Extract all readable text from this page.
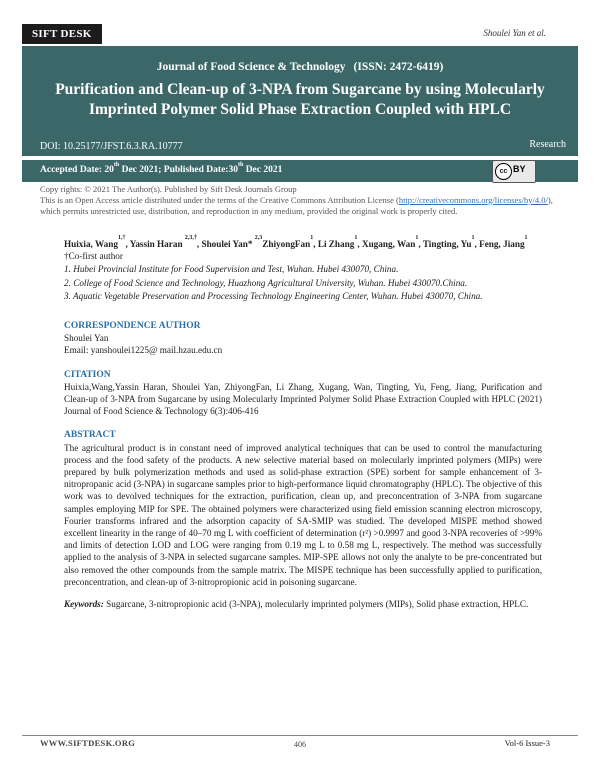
SIFT DESK	Shoulei Yan et al.
Journal of Food Science & Technology (ISSN: 2472-6419)
Purification and Clean-up of 3-NPA from Sugarcane by using Molecularly Imprinted Polymer Solid Phase Extraction Coupled with HPLC
DOI: 10.25177/JFST.6.3.RA.10777	Research
Accepted Date: 20th Dec 2021; Published Date:30th Dec 2021	cc BY
Copy rights: © 2021 The Author(s). Published by Sift Desk Journals Group
This is an Open Access article distributed under the terms of the Creative Commons Attribution License (http://creativecommons.org/licenses/by/4.0/), which permits unrestricted use, distribution, and reproduction in any medium, provided the original work is properly cited.
Huixia, Wang$^{1,\dagger}$, Yassin Haran $^{2,3,\dagger}$, Shoulei Yan* $^{2,3}$ZhiyongFan$^1$, Li Zhang$^1$, Xugang, Wan$^1$, Tingting, Yu$^1$, Feng, Jiang$^1$
†Co-first author
1. Hubei Provincial Institute for Food Supervision and Test, Wuhan. Hubei 430070, China.
2. College of Food Science and Technology, Huazhong Agricultural University, Wuhan. Hubei 430070.China.
3. Aquatic Vegetable Preservation and Processing Technology Engineering Center, Wuhan. Hubei 430070, China.
CORRESPONDENCE AUTHOR
Shoulei Yan
Email: yanshoulei1225@ mail.hzau.edu.cn
CITATION
Huixia,Wang,Yassin Haran, Shoulei Yan, ZhiyongFan, Li Zhang, Xugang, Wan, Tingting, Yu, Feng, Jiang, Purification and Clean-up of 3-NPA from Sugarcane by using Molecularly Imprinted Polymer Solid Phase Extraction Coupled with HPLC (2021) Journal of Food Science & Technology 6(3):406-416
ABSTRACT
The agricultural product is in constant need of improved analytical techniques that can be used to control the manufacturing process and the food safety of the products. A new selective material based on molecularly imprinted polymers (MIPs) were prepared by bulk polymerization methods and used as solid-phase extraction (SPE) sorbent for sample enhancement of 3-nitropropanic acid (3-NPA) in sugarcane samples prior to high-performance liquid chromatography (HPLC). The objective of this work was to devolved techniques for the extraction, purification, clean up, and preconcentration of 3-NPA from sugarcane samples employing MIP for SPE. The obtained polymers were characterized using field emission scanning electron microscopy, Fourier transforms infrared and the adsorption capacity of SA-SMIP was studied. The developed MISPE method showed excellent linearity in the range of 40–70 mg L with coefficient of determination (r²) >0.9997 and good 3-NPA recoveries of >99% and limits of detection LOD and LOG were ranging from 0.19 mg L to 0.58 mg L, respectively. The method was successfully applied to the analysis of 3-NPA in selected sugarcane samples. MIP-SPE allows not only the analyte to be pre-concentrated but also removed the other compounds from the sample matrix. The MISPE technique has been successfully applied to purification, preconcentration, and clean-up of 3-nitropropionic acid in poisoning sugarcane.
Keywords: Sugarcane, 3-nitropropionic acid (3-NPA), molecularly imprinted polymers (MIPs), Solid phase extraction, HPLC.
WWW.SIFTDESK.ORG	406	Vol-6 Issue-3
